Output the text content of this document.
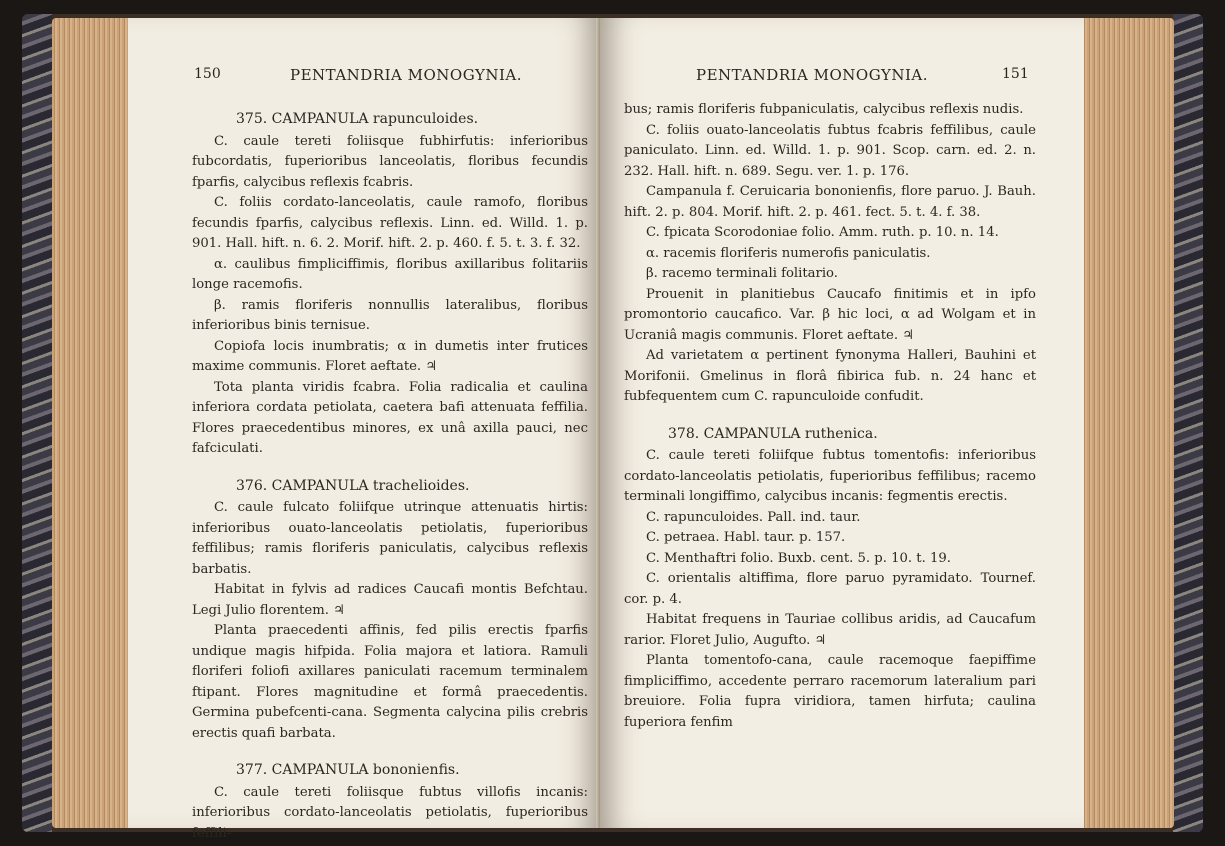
150	PENTANDRIA MONOGYNIA.

375. CAMPANULA rapunculoides.

C. caule tereti foliisque fubhirfutis: inferioribus fubcordatis, fuperioribus lanceolatis, floribus fecundis fparfis, calycibus reflexis fcabris.

C. foliis cordato-lanceolatis, caule ramofo, floribus fecundis fparfis, calycibus reflexis. Linn. ed. Willd. 1. p. 901. Hall. hift. n. 6. 2. Morif. hift. 2. p. 460. f. 5. t. 3. f. 32.

α. caulibus fimpliciffimis, floribus axillaribus folitariis longe racemofis.

β. ramis floriferis nonnullis lateralibus, floribus inferioribus binis ternisue.

Copiofa locis inumbratis; α in dumetis inter frutices maxime communis. Floret aeftate. ♃

Tota planta viridis fcabra. Folia radicalia et caulina inferiora cordata petiolata, caetera bafi attenuata feffilia. Flores praecedentibus minores, ex unâ axilla pauci, nec fafciculati.

376. CAMPANULA trachelioides.

C. caule fulcato foliifque utrinque attenuatis hirtis: inferioribus ouato-lanceolatis petiolatis, fuperioribus feffilibus; ramis floriferis paniculatis, calycibus reflexis barbatis.

Habitat in fylvis ad radices Caucafi montis Befchtau. Legi Julio florentem. ♃

Planta praecedenti affinis, fed pilis erectis fparfis undique magis hifpida. Folia majora et latiora. Ramuli floriferi foliofi axillares paniculati racemum terminalem ftipant. Flores magnitudine et formâ praecedentis. Germina pubefcenti-cana. Segmenta calycina pilis crebris erectis quafi barbata.

377. CAMPANULA bononienfis.

C. caule tereti foliisque fubtus villofis incanis: inferioribus cordato-lanceolatis petiolatis, fuperioribus feffili-

PENTANDRIA MONOGYNIA.	151

bus; ramis floriferis fubpaniculatis, calycibus reflexis nudis.

C. foliis ouato-lanceolatis fubtus fcabris feffilibus, caule paniculato. Linn. ed. Willd. 1. p. 901. Scop. carn. ed. 2. n. 232. Hall. hift. n. 689. Segu. ver. 1. p. 176.

Campanula f. Ceruicaria bononienfis, flore paruo. J. Bauh. hift. 2. p. 804. Morif. hift. 2. p. 461. fect. 5. t. 4. f. 38.

C. fpicata Scorodoniae folio. Amm. ruth. p. 10. n. 14.

α. racemis floriferis numerofis paniculatis.

β. racemo terminali folitario.

Prouenit in planitiebus Caucafo finitimis et in ipfo promontorio caucafico. Var. β hic loci, α ad Wolgam et in Ucraniâ magis communis. Floret aeftate. ♃

Ad varietatem α pertinent fynonyma Halleri, Bauhini et Morifonii. Gmelinus in florâ fibirica fub. n. 24 hanc et fubfequentem cum C. rapunculoide confudit.

378. CAMPANULA ruthenica.

C. caule tereti foliifque fubtus tomentofis: inferioribus cordato-lanceolatis petiolatis, fuperioribus feffilibus; racemo terminali longiffimo, calycibus incanis: fegmentis erectis.

C. rapunculoides. Pall. ind. taur.

C. petraea. Habl. taur. p. 157.

C. Menthaftri folio. Buxb. cent. 5. p. 10. t. 19.

C. orientalis altiffima, flore paruo pyramidato. Tournef. cor. p. 4.

Habitat frequens in Tauriae collibus aridis, ad Caucafum rarior. Floret Julio, Augufto. ♃

Planta tomentofo-cana, caule racemoque faepiffime fimpliciffimo, accedente perraro racemorum lateralium pari breuiore. Folia fupra viridiora, tamen hirfuta; caulina fuperiora fenfim
